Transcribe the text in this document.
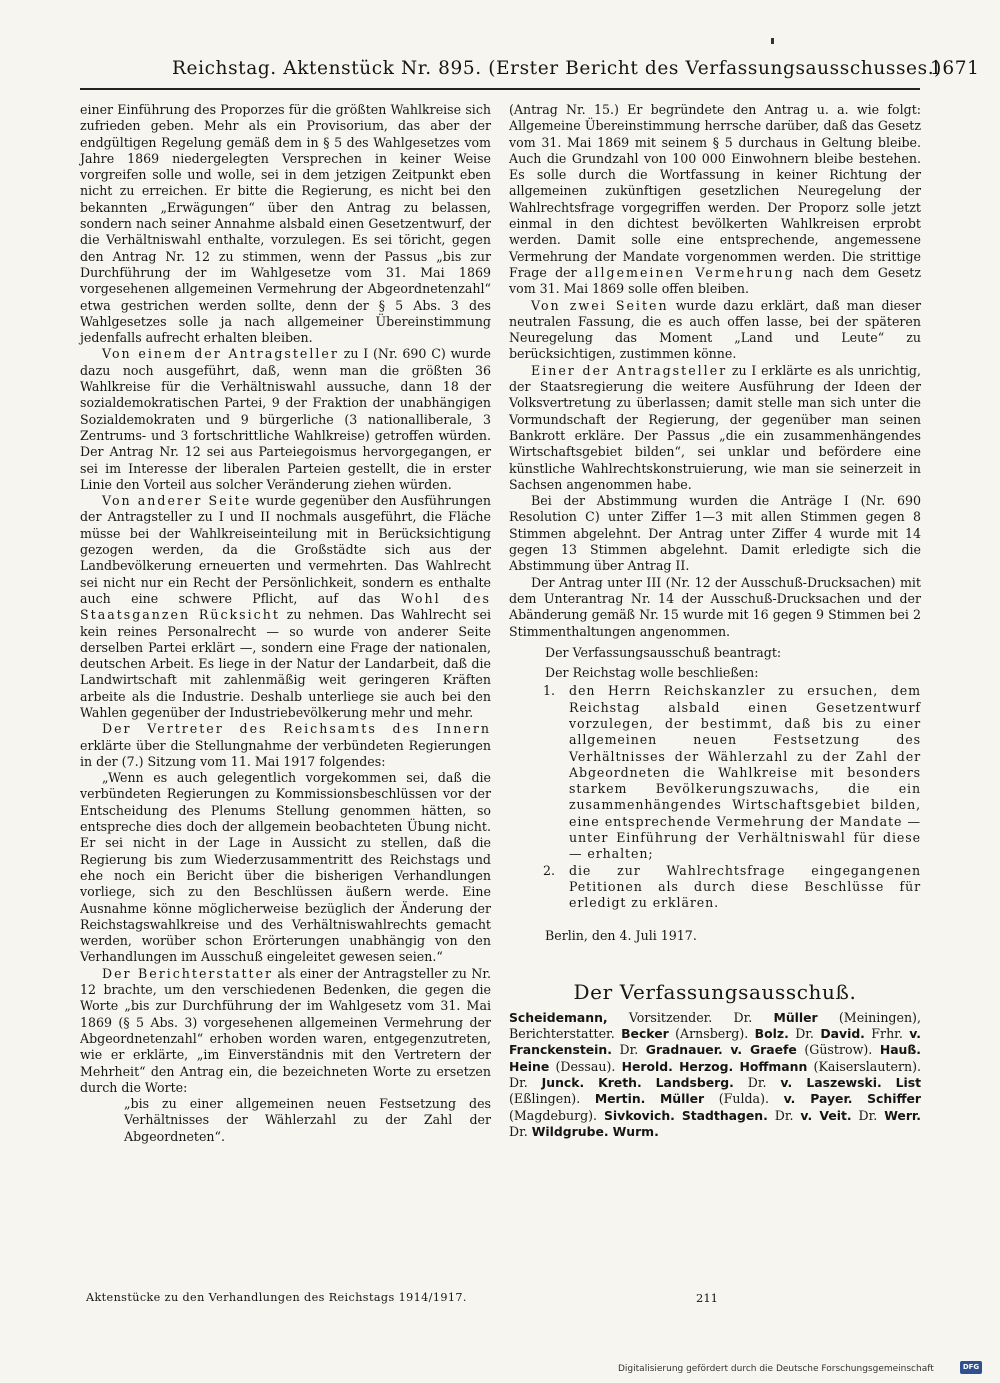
Reichstag. Aktenstück Nr. 895. (Erster Bericht des Verfassungsausschusses.)
1671

einer Einführung des Proporzes für die größten Wahlkreise sich zufrieden geben. Mehr als ein Provisorium, das aber der endgültigen Regelung gemäß dem in § 5 des Wahlgesetzes vom Jahre 1869 niedergelegten Versprechen in keiner Weise vorgreifen solle und wolle, sei in dem jetzigen Zeitpunkt eben nicht zu erreichen. Er bitte die Regierung, es nicht bei den bekannten „Erwägungen“ über den Antrag zu belassen, sondern nach seiner Annahme alsbald einen Gesetzentwurf, der die Verhältniswahl enthalte, vorzulegen. Es sei töricht, gegen den Antrag Nr. 12 zu stimmen, wenn der Passus „bis zur Durchführung der im Wahlgesetze vom 31. Mai 1869 vorgesehenen allgemeinen Vermehrung der Abgeordnetenzahl“ etwa gestrichen werden sollte, denn der § 5 Abs. 3 des Wahlgesetzes solle ja nach allgemeiner Übereinstimmung jedenfalls aufrecht erhalten bleiben.

Von einem der Antragsteller zu I (Nr. 690 C) wurde dazu noch ausgeführt, daß, wenn man die größten 36 Wahlkreise für die Verhältniswahl aussuche, dann 18 der sozialdemokratischen Partei, 9 der Fraktion der unabhängigen Sozialdemokraten und 9 bürgerliche (3 nationalliberale, 3 Zentrums- und 3 fortschrittliche Wahlkreise) getroffen würden. Der Antrag Nr. 12 sei aus Parteiegoismus hervorgegangen, er sei im Interesse der liberalen Parteien gestellt, die in erster Linie den Vorteil aus solcher Veränderung ziehen würden.

Von anderer Seite wurde gegenüber den Ausführungen der Antragsteller zu I und II nochmals ausgeführt, die Fläche müsse bei der Wahlkreiseinteilung mit in Berücksichtigung gezogen werden, da die Großstädte sich aus der Landbevölkerung erneuerten und vermehrten. Das Wahlrecht sei nicht nur ein Recht der Persönlichkeit, sondern es enthalte auch eine schwere Pflicht, auf das Wohl des Staatsganzen Rücksicht zu nehmen. Das Wahlrecht sei kein reines Personalrecht — so wurde von anderer Seite derselben Partei erklärt —, sondern eine Frage der nationalen, deutschen Arbeit. Es liege in der Natur der Landarbeit, daß die Landwirtschaft mit zahlenmäßig weit geringeren Kräften arbeite als die Industrie. Deshalb unterliege sie auch bei den Wahlen gegenüber der Industriebevölkerung mehr und mehr.

Der Vertreter des Reichsamts des Innern erklärte über die Stellungnahme der verbündeten Regierungen in der (7.) Sitzung vom 11. Mai 1917 folgendes:

„Wenn es auch gelegentlich vorgekommen sei, daß die verbündeten Regierungen zu Kommissionsbeschlüssen vor der Entscheidung des Plenums Stellung genommen hätten, so entspreche dies doch der allgemein beobachteten Übung nicht. Er sei nicht in der Lage in Aussicht zu stellen, daß die Regierung bis zum Wiederzusammentritt des Reichstags und ehe noch ein Bericht über die bisherigen Verhandlungen vorliege, sich zu den Beschlüssen äußern werde. Eine Ausnahme könne möglicherweise bezüglich der Änderung der Reichstagswahlkreise und des Verhältniswahlrechts gemacht werden, worüber schon Erörterungen unabhängig von den Verhandlungen im Ausschuß eingeleitet gewesen seien.“

Der Berichterstatter als einer der Antragsteller zu Nr. 12 brachte, um den verschiedenen Bedenken, die gegen die Worte „bis zur Durchführung der im Wahlgesetz vom 31. Mai 1869 (§ 5 Abs. 3) vorgesehenen allgemeinen Vermehrung der Abgeordnetenzahl“ erhoben worden waren, entgegenzutreten, wie er erklärte, „im Einverständnis mit den Vertretern der Mehrheit“ den Antrag ein, die bezeichneten Worte zu ersetzen durch die Worte:

„bis zu einer allgemeinen neuen Festsetzung des Verhältnisses der Wählerzahl zu der Zahl der Abgeordneten“.

(Antrag Nr. 15.) Er begründete den Antrag u. a. wie folgt: Allgemeine Übereinstimmung herrsche darüber, daß das Gesetz vom 31. Mai 1869 mit seinem § 5 durchaus in Geltung bleibe. Auch die Grundzahl von 100 000 Einwohnern bleibe bestehen. Es solle durch die Wortfassung in keiner Richtung der allgemeinen zukünftigen gesetzlichen Neuregelung der Wahlrechtsfrage vorgegriffen werden. Der Proporz solle jetzt einmal in den dichtest bevölkerten Wahlkreisen erprobt werden. Damit solle eine entsprechende, angemessene Vermehrung der Mandate vorgenommen werden. Die strittige Frage der allgemeinen Vermehrung nach dem Gesetz vom 31. Mai 1869 solle offen bleiben.

Von zwei Seiten wurde dazu erklärt, daß man dieser neutralen Fassung, die es auch offen lasse, bei der späteren Neuregelung das Moment „Land und Leute“ zu berücksichtigen, zustimmen könne.

Einer der Antragsteller zu I erklärte es als unrichtig, der Staatsregierung die weitere Ausführung der Ideen der Volksvertretung zu überlassen; damit stelle man sich unter die Vormundschaft der Regierung, der gegenüber man seinen Bankrott erkläre. Der Passus „die ein zusammenhängendes Wirtschaftsgebiet bilden“, sei unklar und befördere eine künstliche Wahlrechtskonstruierung, wie man sie seinerzeit in Sachsen angenommen habe.

Bei der Abstimmung wurden die Anträge I (Nr. 690 Resolution C) unter Ziffer 1—3 mit allen Stimmen gegen 8 Stimmen abgelehnt. Der Antrag unter Ziffer 4 wurde mit 14 gegen 13 Stimmen abgelehnt. Damit erledigte sich die Abstimmung über Antrag II.

Der Antrag unter III (Nr. 12 der Ausschuß-Drucksachen) mit dem Unterantrag Nr. 14 der Ausschuß-Drucksachen und der Abänderung gemäß Nr. 15 wurde mit 16 gegen 9 Stimmen bei 2 Stimmenthaltungen angenommen.

Der Verfassungsausschuß beantragt:

Der Reichstag wolle beschließen:

1. den Herrn Reichskanzler zu ersuchen, dem Reichstag alsbald einen Gesetzentwurf vorzulegen, der bestimmt, daß bis zu einer allgemeinen neuen Festsetzung des Verhältnisses der Wählerzahl zu der Zahl der Abgeordneten die Wahlkreise mit besonders starkem Bevölkerungszuwachs, die ein zusammenhängendes Wirtschaftsgebiet bilden, eine entsprechende Vermehrung der Mandate — unter Einführung der Verhältniswahl für diese — erhalten;
2. die zur Wahlrechtsfrage eingegangenen Petitionen als durch diese Beschlüsse für erledigt zu erklären.

Berlin, den 4. Juli 1917.

Der Verfassungsausschuß.

Scheidemann, Vorsitzender. Dr. Müller (Meiningen), Berichterstatter. Becker (Arnsberg). Bolz. Dr. David. Frhr. v. Franckenstein. Dr. Gradnauer. v. Graefe (Güstrow). Hauß. Heine (Dessau). Herold. Herzog. Hoffmann (Kaiserslautern). Dr. Junck. Kreth. Landsberg. Dr. v. Laszewski. List (Eßlingen). Mertin. Müller (Fulda). v. Payer. Schiffer (Magdeburg). Sivkovich. Stadthagen. Dr. v. Veit. Dr. Werr. Dr. Wildgrube. Wurm.

Aktenstücke zu den Verhandlungen des Reichstags 1914/1917.	211
Digitalisierung gefördert durch die Deutsche Forschungsgemeinschaft	DFG
